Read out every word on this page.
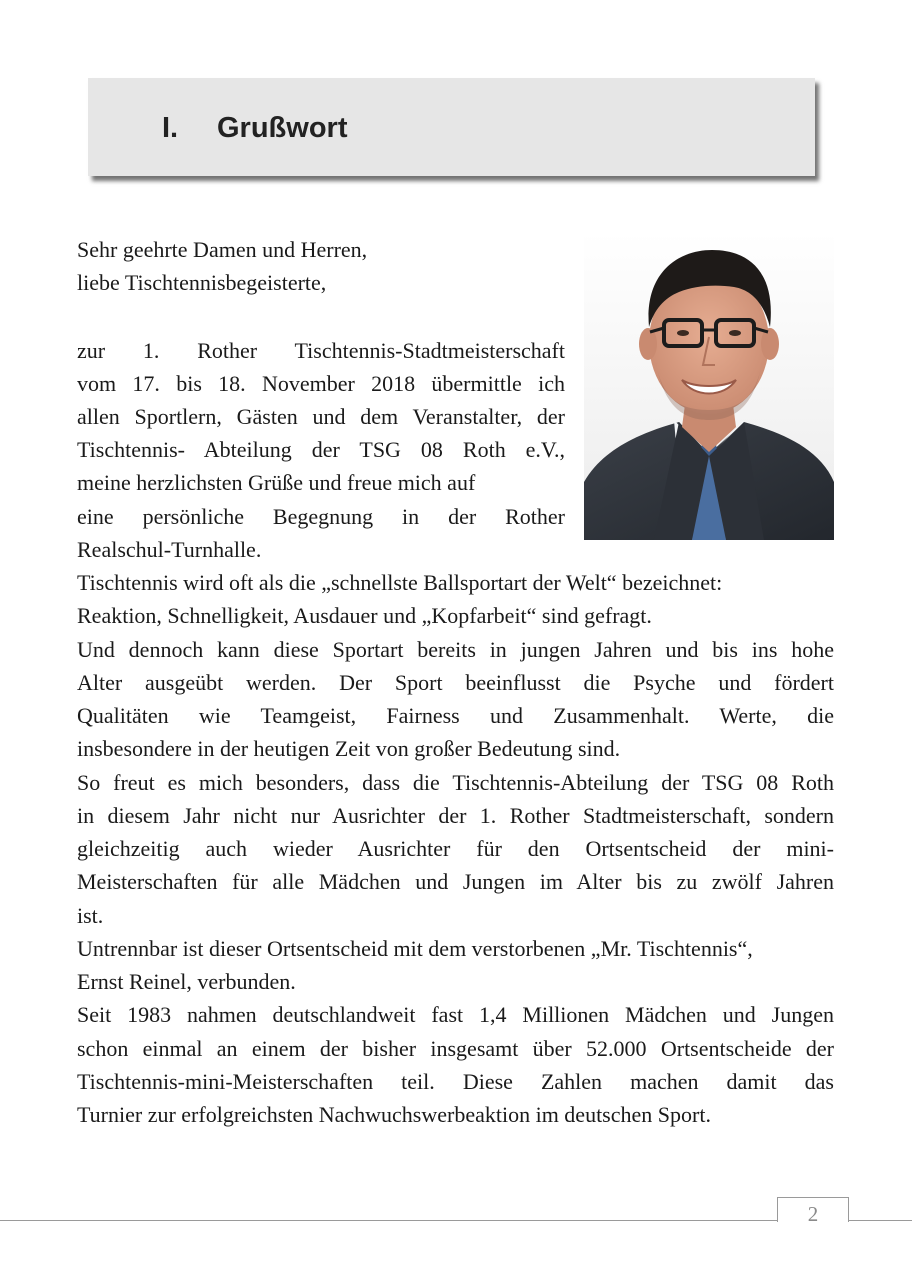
I. Grußwort
Sehr geehrte Damen und Herren,
liebe Tischtennisbegeisterte,
zur 1. Rother Tischtennis-Stadtmeisterschaft
vom 17. bis 18. November 2018 übermittle ich
allen Sportlern, Gästen und dem Veranstalter, der
Tischtennis- Abteilung der TSG 08 Roth e.V.,
meine herzlichsten Grüße und freue mich auf
eine persönliche Begegnung in der Rother
Realschul-Turnhalle.
Tischtennis wird oft als die „schnellste Ballsportart der Welt“ bezeichnet:
Reaktion, Schnelligkeit, Ausdauer und „Kopfarbeit“ sind gefragt.
Und dennoch kann diese Sportart bereits in jungen Jahren und bis ins hohe
Alter ausgeübt werden. Der Sport beeinflusst die Psyche und fördert
Qualitäten wie Teamgeist, Fairness und Zusammenhalt. Werte, die
insbesondere in der heutigen Zeit von großer Bedeutung sind.
So freut es mich besonders, dass die Tischtennis-Abteilung der TSG 08 Roth
in diesem Jahr nicht nur Ausrichter der 1. Rother Stadtmeisterschaft, sondern
gleichzeitig auch wieder Ausrichter für den Ortsentscheid der mini-
Meisterschaften für alle Mädchen und Jungen im Alter bis zu zwölf Jahren
ist.
Untrennbar ist dieser Ortsentscheid mit dem verstorbenen „Mr. Tischtennis“,
Ernst Reinel, verbunden.
Seit 1983 nahmen deutschlandweit fast 1,4 Millionen Mädchen und Jungen
schon einmal an einem der bisher insgesamt über 52.000 Ortsentscheide der
Tischtennis-mini-Meisterschaften teil. Diese Zahlen machen damit das
Turnier zur erfolgreichsten Nachwuchswerbeaktion im deutschen Sport.
2
